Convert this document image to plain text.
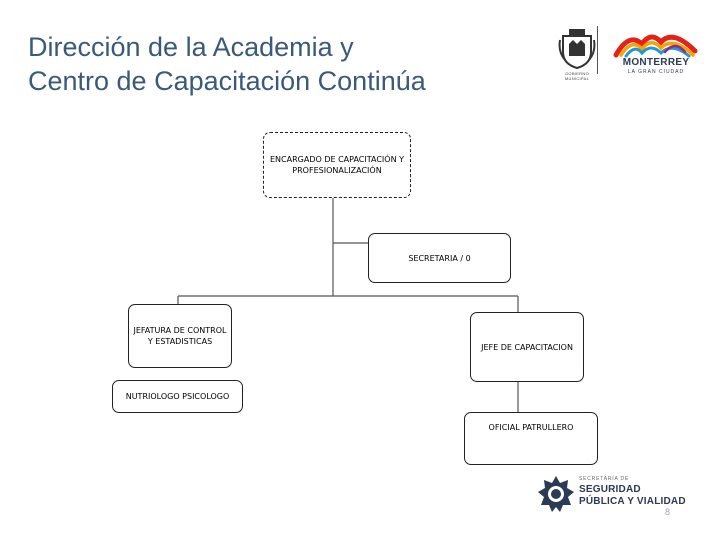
Dirección de la Academia y
Centro de Capacitación Continúa	GOBIERNO MUNICIPAL
MONTERREY
LA GRAN CIUDAD
ENCARGADO DE CAPACITACIÓN Y PROFESIONALIZACIÓN
SECRETARIA / 0
JEFATURA DE CONTROL Y ESTADISTICAS
JEFE DE CAPACITACION
NUTRIOLOGO PSICOLOGO
OFICIAL PATRULLERO
SECRETARÍA DE
SEGURIDAD
PÚBLICA Y VIALIDAD
8
